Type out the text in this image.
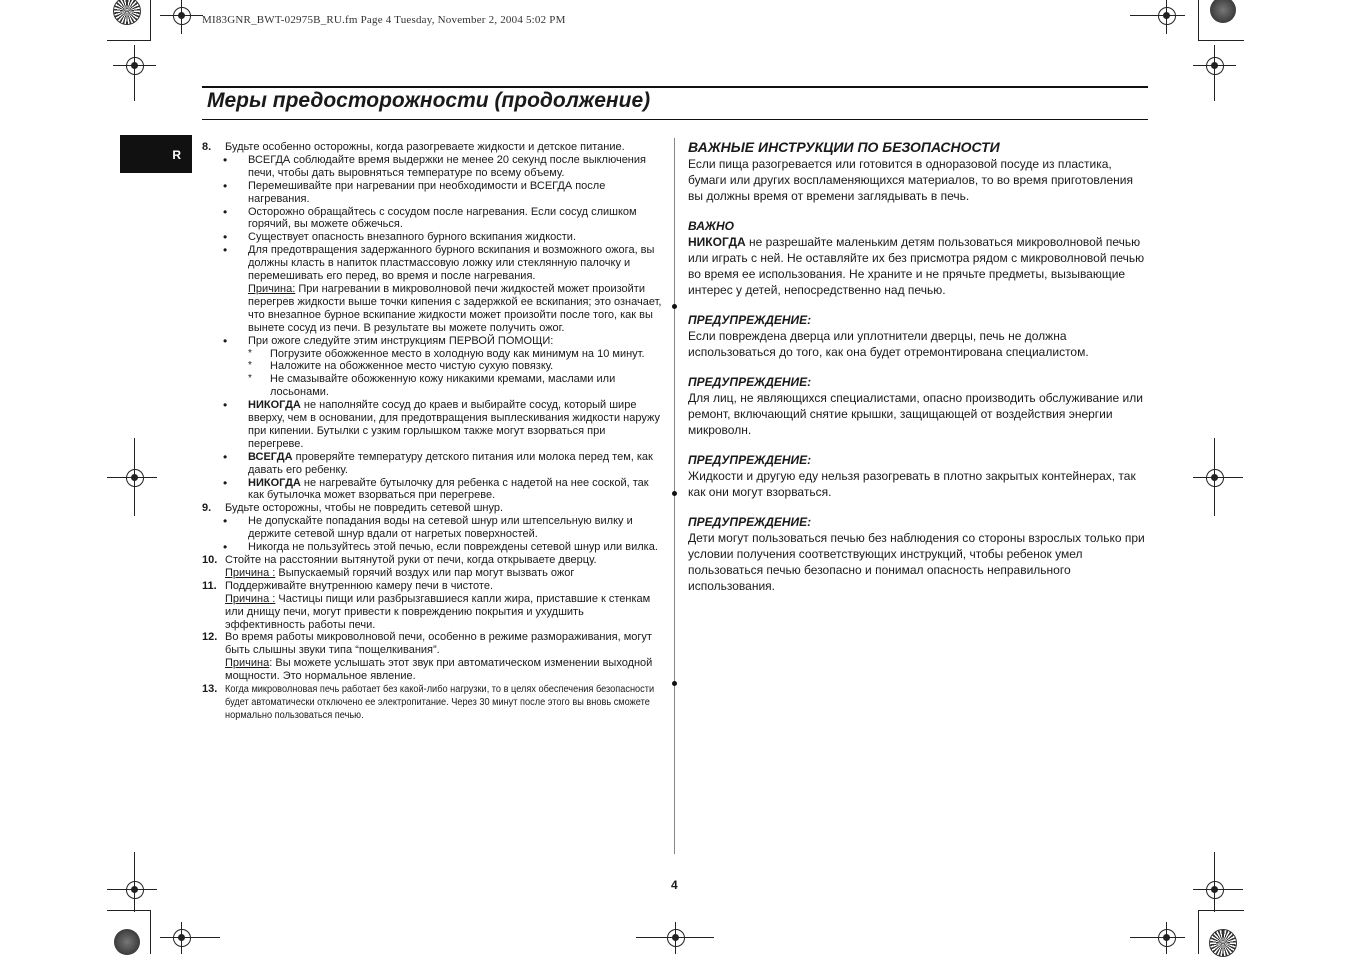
MI83GNR_BWT-02975B_RU.fm Page 4 Tuesday, November 2, 2004 5:02 PM
Меры предосторожности (продолжение)
R
8. Будьте особенно осторожны, когда разогреваете жидкости и детское питание.
• ВСЕГДА соблюдайте время выдержки не менее 20 секунд после выключения печи, чтобы дать выровняться температуре по всему объему.
• Перемешивайте при нагревании при необходимости и ВСЕГДА после нагревания.
• Осторожно обращайтесь с сосудом после нагревания. Если сосуд слишком горячий, вы можете обжечься.
• Существует опасность внезапного бурного вскипания жидкости.
• Для предотвращения задержанного бурного вскипания и возможного ожога, вы должны класть в напиток пластмассовую ложку или стеклянную палочку и перемешивать его перед, во время и после нагревания.
Причина: При нагревании в микроволновой печи жидкостей может произойти перегрев жидкости выше точки кипения с задержкой ее вскипания; это означает, что внезапное бурное вскипание жидкости может произойти после того, как вы вынете сосуд из печи. В результате вы можете получить ожог.
• При ожоге следуйте этим инструкциям ПЕРВОЙ ПОМОЩИ:
* Погрузите обожженное место в холодную воду как минимум на 10 минут.
* Наложите на обожженное место чистую сухую повязку.
* Не смазывайте обожженную кожу никакими кремами, маслами или лосьонами.
• НИКОГДА не наполняйте сосуд до краев и выбирайте сосуд, который шире вверху, чем в основании, для предотвращения выплескивания жидкости наружу при кипении. Бутылки с узким горлышком также могут взорваться при перегреве.
• ВСЕГДА проверяйте температуру детского питания или молока перед тем, как давать его ребенку.
• НИКОГДА не нагревайте бутылочку для ребенка с надетой на нее соской, так как бутылочка может взорваться при перегреве.
9. Будьте осторожны, чтобы не повредить сетевой шнур.
• Не допускайте попадания воды на сетевой шнур или штепсельную вилку и держите сетевой шнур вдали от нагретых поверхностей.
• Никогда не пользуйтесь этой печью, если повреждены сетевой шнур или вилка.
10. Стойте на расстоянии вытянутой руки от печи, когда открываете дверцу.
Причина : Выпускаемый горячий воздух или пар могут вызвать ожог
11. Поддерживайте внутреннюю камеру печи в чистоте.
Причина : Частицы пищи или разбрызгавшиеся капли жира, приставшие к стенкам или днищу печи, могут привести к повреждению покрытия и ухудшить эффективность работы печи.
12. Во время работы микроволновой печи, особенно в режиме размораживания, могут быть слышны звуки типа “пощелкивания”.
Причина: Вы можете услышать этот звук при автоматическом изменении выходной мощности. Это нормальное явление.
13. Когда микроволновая печь работает без какой-либо нагрузки, то в целях обеспечения безопасности будет автоматически отключено ее электропитание. Через 30 минут после этого вы вновь сможете нормально пользоваться печью.
ВАЖНЫЕ ИНСТРУКЦИИ ПО БЕЗОПАСНОСТИ
Если пища разогревается или готовится в одноразовой посуде из пластика, бумаги или других воспламеняющихся материалов, то во время приготовления вы должны время от времени заглядывать в печь.
ВАЖНО
НИКОГДА не разрешайте маленьким детям пользоваться микроволновой печью или играть с ней. Не оставляйте их без присмотра рядом с микроволновой печью во время ее использования. Не храните и не прячьте предметы, вызывающие интерес у детей, непосредственно над печью.
ПРЕДУПРЕЖДЕНИЕ:
Если повреждена дверца или уплотнители дверцы, печь не должна использоваться до того, как она будет отремонтирована специалистом.
ПРЕДУПРЕЖДЕНИЕ:
Для лиц, не являющихся специалистами, опасно производить обслуживание или ремонт, включающий снятие крышки, защищающей от воздействия энергии микроволн.
ПРЕДУПРЕЖДЕНИЕ:
Жидкости и другую еду нельзя разогревать в плотно закрытых контейнерах, так как они могут взорваться.
ПРЕДУПРЕЖДЕНИЕ:
Дети могут пользоваться печью без наблюдения со стороны взрослых только при условии получения соответствующих инструкций, чтобы ребенок умел пользоваться печью безопасно и понимал опасность неправильного использования.
4
